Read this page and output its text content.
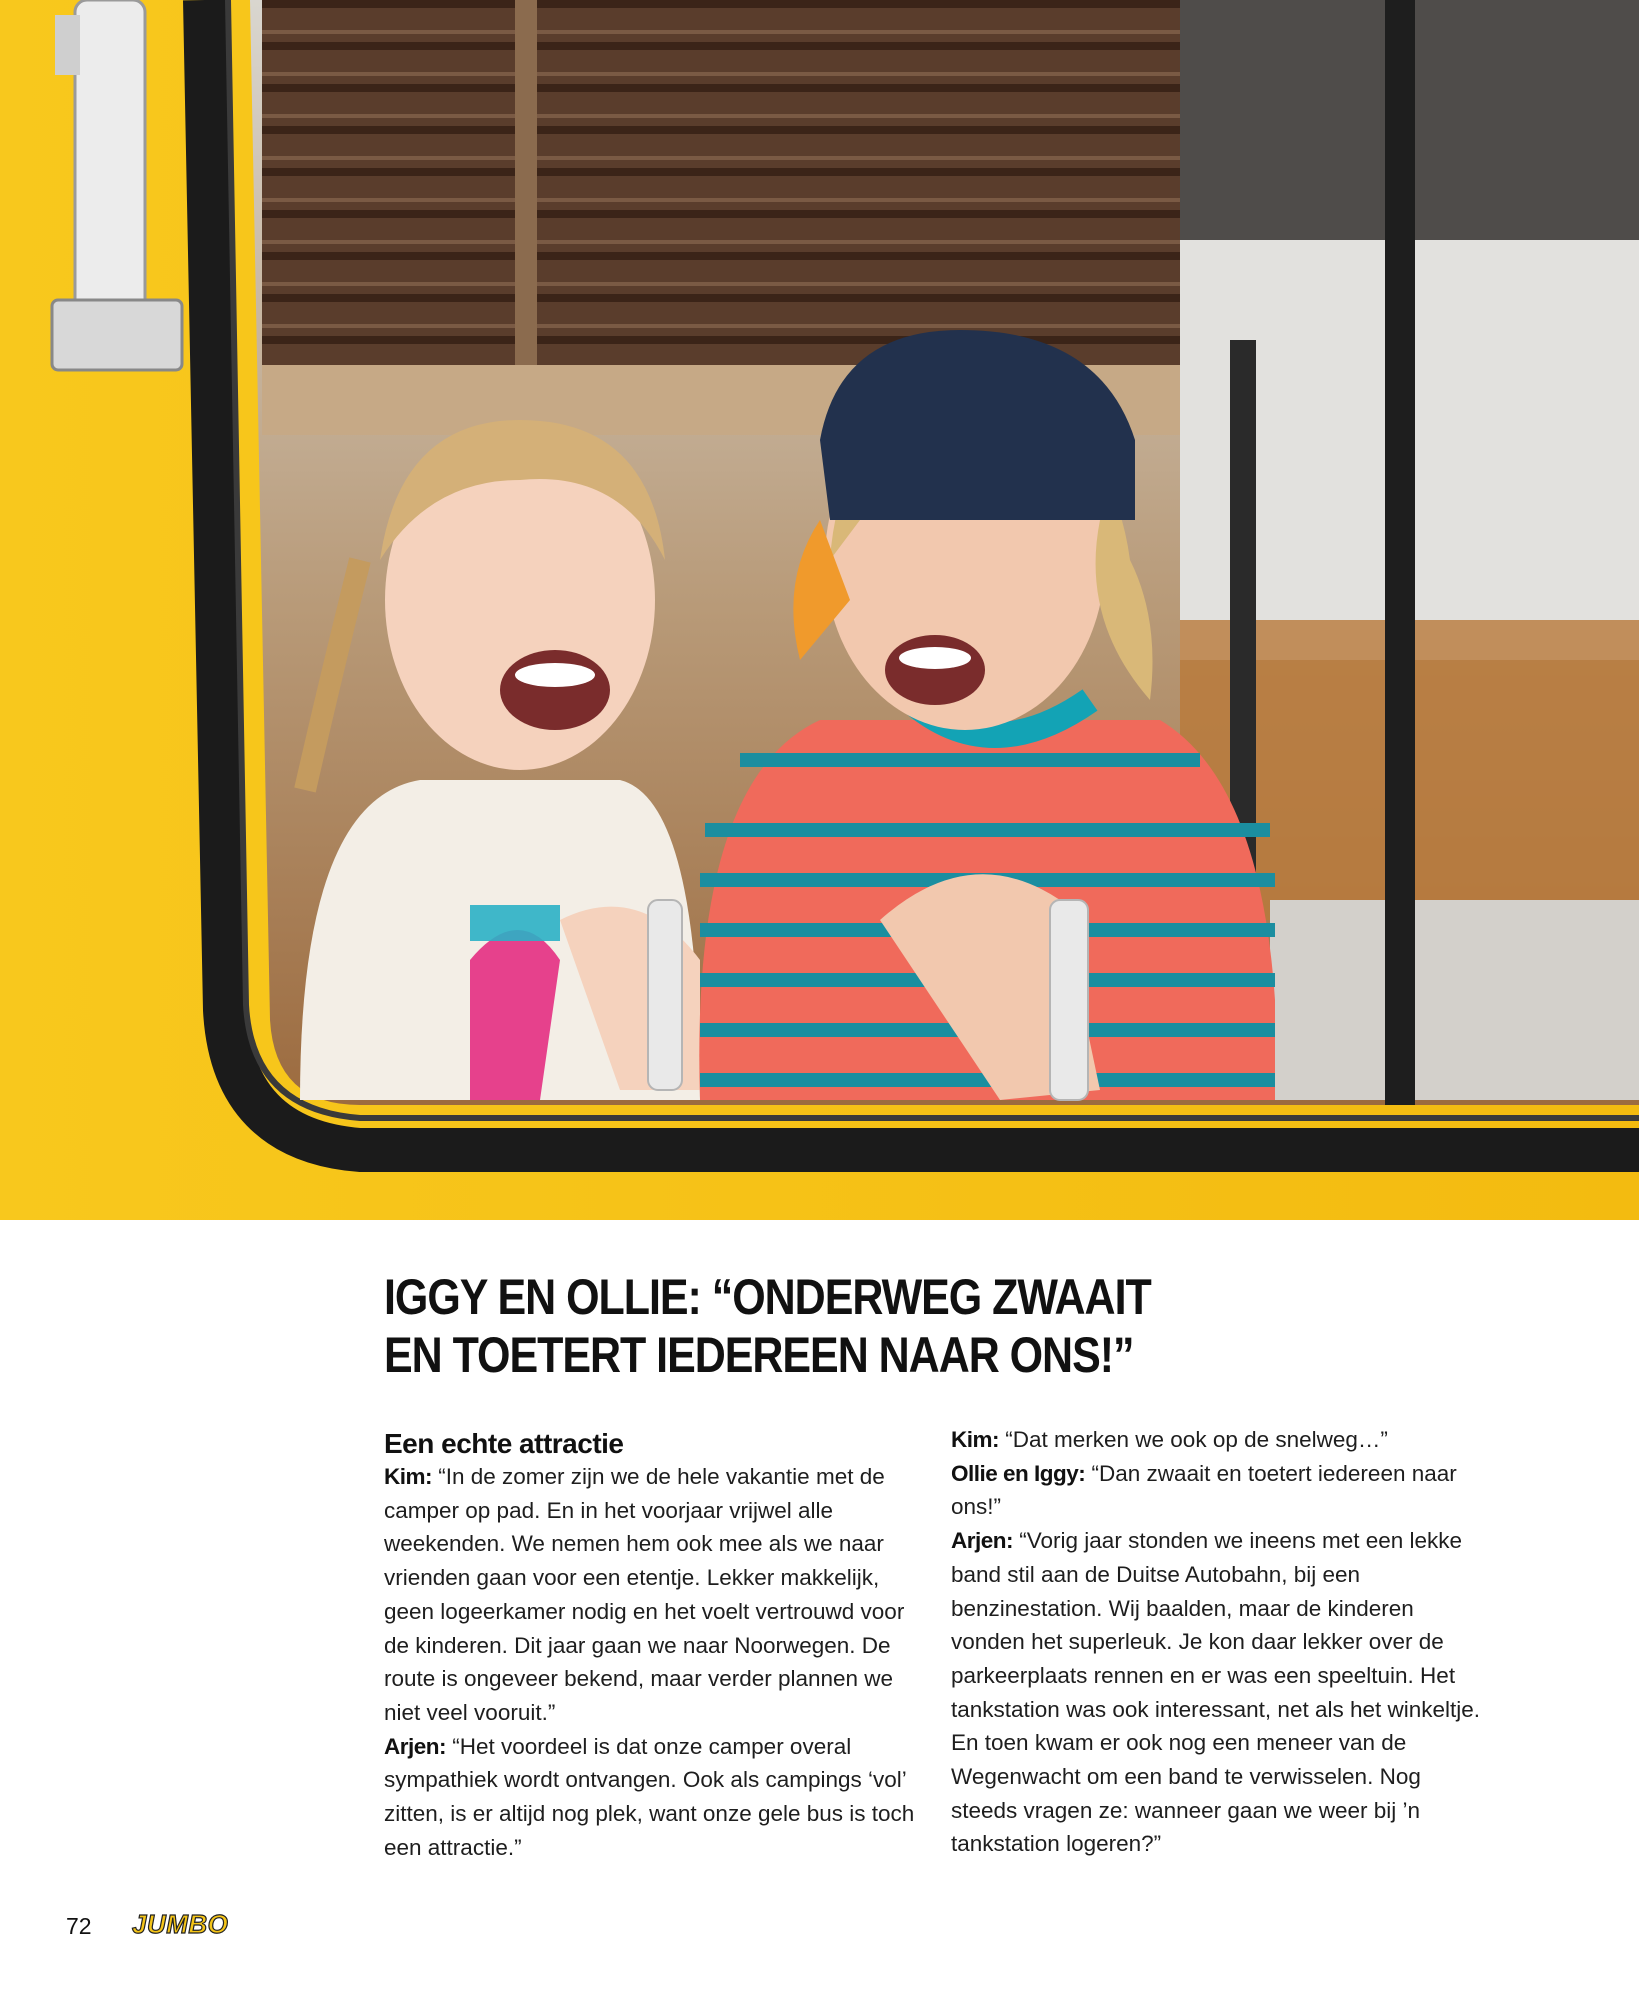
IGGY EN OLLIE: “ONDERWEG ZWAAIT
EN TOETERT IEDEREEN NAAR ONS!”
Een echte attractie

Kim: “In de zomer zijn we de hele vakantie met de camper op pad. En in het voorjaar vrijwel alle weekenden. We nemen hem ook mee als we naar vrienden gaan voor een etentje. Lekker makkelijk, geen logeerkamer nodig en het voelt vertrouwd voor de kinderen. Dit jaar gaan we naar Noorwegen. De route is ongeveer bekend, maar verder plannen we niet veel vooruit.”

Arjen: “Het voordeel is dat onze camper overal sympathiek wordt ontvangen. Ook als campings ‘vol’ zitten, is er altijd nog plek, want onze gele bus is toch een attractie.”

Kim: “Dat merken we ook op de snelweg…”

Ollie en Iggy: “Dan zwaait en toetert iedereen naar ons!”

Arjen: “Vorig jaar stonden we ineens met een lekke band stil aan de Duitse Autobahn, bij een benzinestation. Wij baalden, maar de kinderen vonden het superleuk. Je kon daar lekker over de parkeerplaats rennen en er was een speeltuin. Het tankstation was ook interessant, net als het winkeltje. En toen kwam er ook nog een meneer van de Wegenwacht om een band te verwisselen. Nog steeds vragen ze: wanneer gaan we weer bij ’n tankstation logeren?”

72 JUMBO
